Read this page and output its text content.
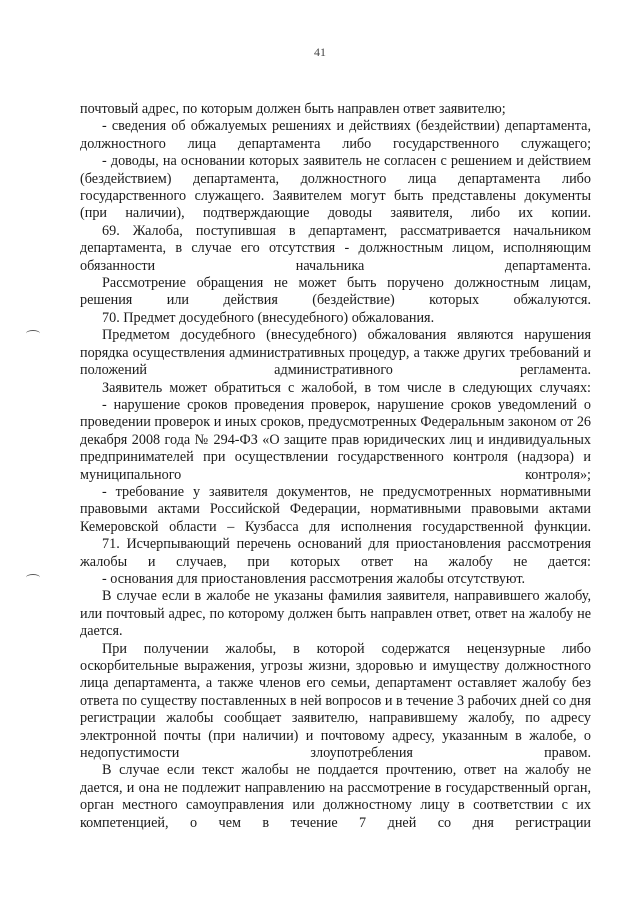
41

почтовый адрес, по которым должен быть направлен ответ заявителю;

- сведения об обжалуемых решениях и действиях (бездействии) департамента, должностного лица департамента либо государственного служащего;

- доводы, на основании которых заявитель не согласен с решением и действием (бездействием) департамента, должностного лица департамента либо государственного служащего. Заявителем могут быть представлены документы (при наличии), подтверждающие доводы заявителя, либо их копии.

69. Жалоба, поступившая в департамент, рассматривается начальником департамента, в случае его отсутствия - должностным лицом, исполняющим обязанности начальника департамента.

Рассмотрение обращения не может быть поручено должностным лицам, решения или действия (бездействие) которых обжалуются.

70. Предмет досудебного (внесудебного) обжалования.

Предметом досудебного (внесудебного) обжалования являются нарушения порядка осуществления административных процедур, а также других требований и положений административного регламента.

Заявитель может обратиться с жалобой, в том числе в следующих случаях:

- нарушение сроков проведения проверок, нарушение сроков уведомлений о проведении проверок и иных сроков, предусмотренных Федеральным законом от 26 декабря 2008 года № 294-ФЗ «О защите прав юридических лиц и индивидуальных предпринимателей при осуществлении государственного контроля (надзора) и муниципального контроля»;

- требование у заявителя документов, не предусмотренных нормативными правовыми актами Российской Федерации, нормативными правовыми актами Кемеровской области – Кузбасса для исполнения государственной функции.

71. Исчерпывающий перечень оснований для приостановления рассмотрения жалобы и случаев, при которых ответ на жалобу не дается:

- основания для приостановления рассмотрения жалобы отсутствуют.

В случае если в жалобе не указаны фамилия заявителя, направившего жалобу, или почтовый адрес, по которому должен быть направлен ответ, ответ на жалобу не дается.

При получении жалобы, в которой содержатся нецензурные либо оскорбительные выражения, угрозы жизни, здоровью и имуществу должностного лица департамента, а также членов его семьи, департамент оставляет жалобу без ответа по существу поставленных в ней вопросов и в течение 3 рабочих дней со дня регистрации жалобы сообщает заявителю, направившему жалобу, по адресу электронной почты (при наличии) и почтовому адресу, указанным в жалобе, о недопустимости злоупотребления	правом.

В случае если текст жалобы не поддается прочтению, ответ на жалобу не дается, и она не подлежит направлению на рассмотрение в государственный орган, орган местного самоуправления или должностному лицу в соответствии с их компетенцией, о чем в течение 7 дней со дня регистрации
